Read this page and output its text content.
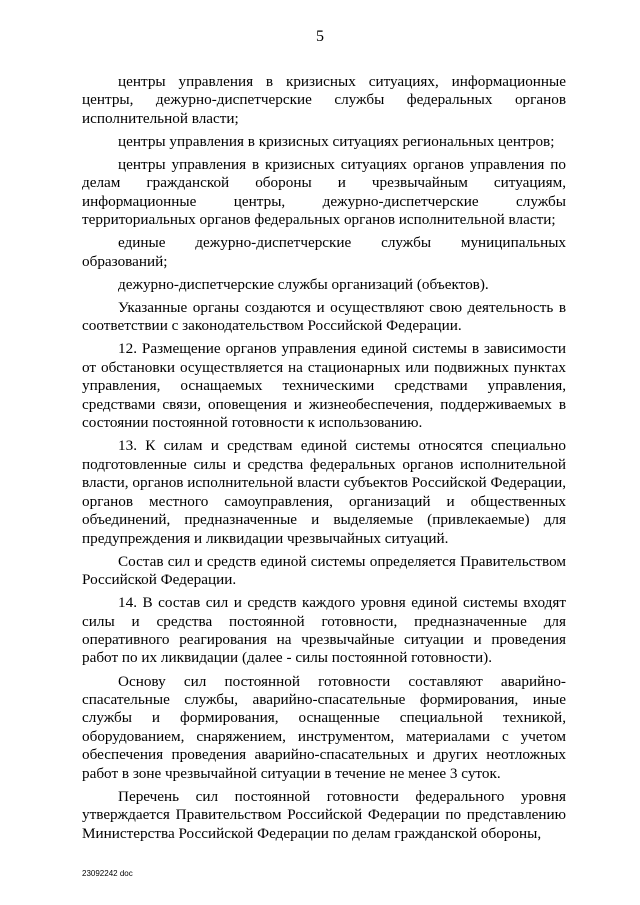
5

центры управления в кризисных ситуациях, информационные центры, дежурно-диспетчерские службы федеральных органов исполнительной власти;

центры управления в кризисных ситуациях региональных центров;

центры управления в кризисных ситуациях органов управления по делам гражданской обороны и чрезвычайным ситуациям, информационные центры, дежурно-диспетчерские службы территориальных органов федеральных органов исполнительной власти;

единые дежурно-диспетчерские службы муниципальных образований;

дежурно-диспетчерские службы организаций (объектов).

Указанные органы создаются и осуществляют свою деятельность в соответствии с законодательством Российской Федерации.

12. Размещение органов управления единой системы в зависимости от обстановки осуществляется на стационарных или подвижных пунктах управления, оснащаемых техническими средствами управления, средствами связи, оповещения и жизнеобеспечения, поддерживаемых в состоянии постоянной готовности к использованию.

13. К силам и средствам единой системы относятся специально подготовленные силы и средства федеральных органов исполнительной власти, органов исполнительной власти субъектов Российской Федерации, органов местного самоуправления, организаций и общественных объединений, предназначенные и выделяемые (привлекаемые) для предупреждения и ликвидации чрезвычайных ситуаций.

Состав сил и средств единой системы определяется Правительством Российской Федерации.

14. В состав сил и средств каждого уровня единой системы входят силы и средства постоянной готовности, предназначенные для оперативного реагирования на чрезвычайные ситуации и проведения работ по их ликвидации (далее - силы постоянной готовности).

Основу сил постоянной готовности составляют аварийно-спасательные службы, аварийно-спасательные формирования, иные службы и формирования, оснащенные специальной техникой, оборудованием, снаряжением, инструментом, материалами с учетом обеспечения проведения аварийно-спасательных и других неотложных работ в зоне чрезвычайной ситуации в течение не менее 3 суток.

Перечень сил постоянной готовности федерального уровня утверждается Правительством Российской Федерации по представлению Министерства Российской Федерации по делам гражданской обороны,

23092242 doc
